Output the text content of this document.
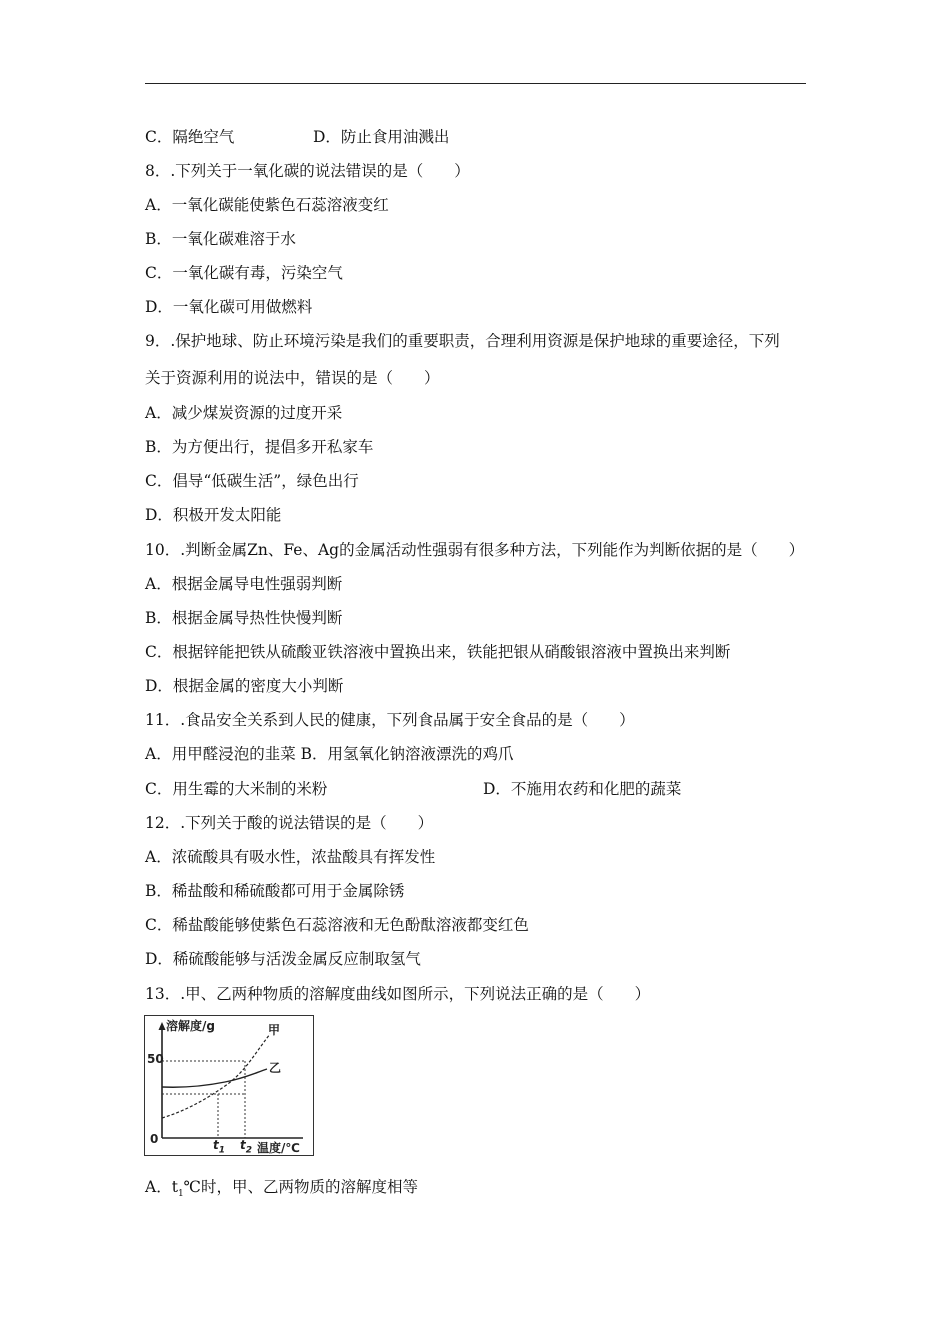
C．隔绝空气	D．防止食用油溅出
8．.下列关于一氧化碳的说法错误的是（　　）
A．一氧化碳能使紫色石蕊溶液变红
B．一氧化碳难溶于水
C．一氧化碳有毒，污染空气
D．一氧化碳可用做燃料
9．.保护地球、防止环境污染是我们的重要职责，合理利用资源是保护地球的重要途径，下列
关于资源利用的说法中，错误的是（　　）
A．减少煤炭资源的过度开采
B．为方便出行，提倡多开私家车
C．倡导“低碳生活”，绿色出行
D．积极开发太阳能
10．.判断金属Zn、Fe、Ag的金属活动性强弱有很多种方法，下列能作为判断依据的是（　　）
A．根据金属导电性强弱判断
B．根据金属导热性快慢判断
C．根据锌能把铁从硫酸亚铁溶液中置换出来，铁能把银从硝酸银溶液中置换出来判断
D．根据金属的密度大小判断
11．.食品安全关系到人民的健康，下列食品属于安全食品的是（　　）
A．用甲醛浸泡的韭菜 B．用氢氧化钠溶液漂洗的鸡爪
C．用生霉的大米制的米粉	D．不施用农药和化肥的蔬菜
12．.下列关于酸的说法错误的是（　　）
A．浓硫酸具有吸水性，浓盐酸具有挥发性
B．稀盐酸和稀硫酸都可用于金属除锈
C．稀盐酸能够使紫色石蕊溶液和无色酚酞溶液都变红色
D．稀硫酸能够与活泼金属反应制取氢气
13．.甲、乙两种物质的溶解度曲线如图所示，下列说法正确的是（　　）
溶解度/g
50
0
甲
乙
$t_1$ $t_2$ 温度/℃
A．$t_1℃$时，甲、乙两物质的溶解度相等
